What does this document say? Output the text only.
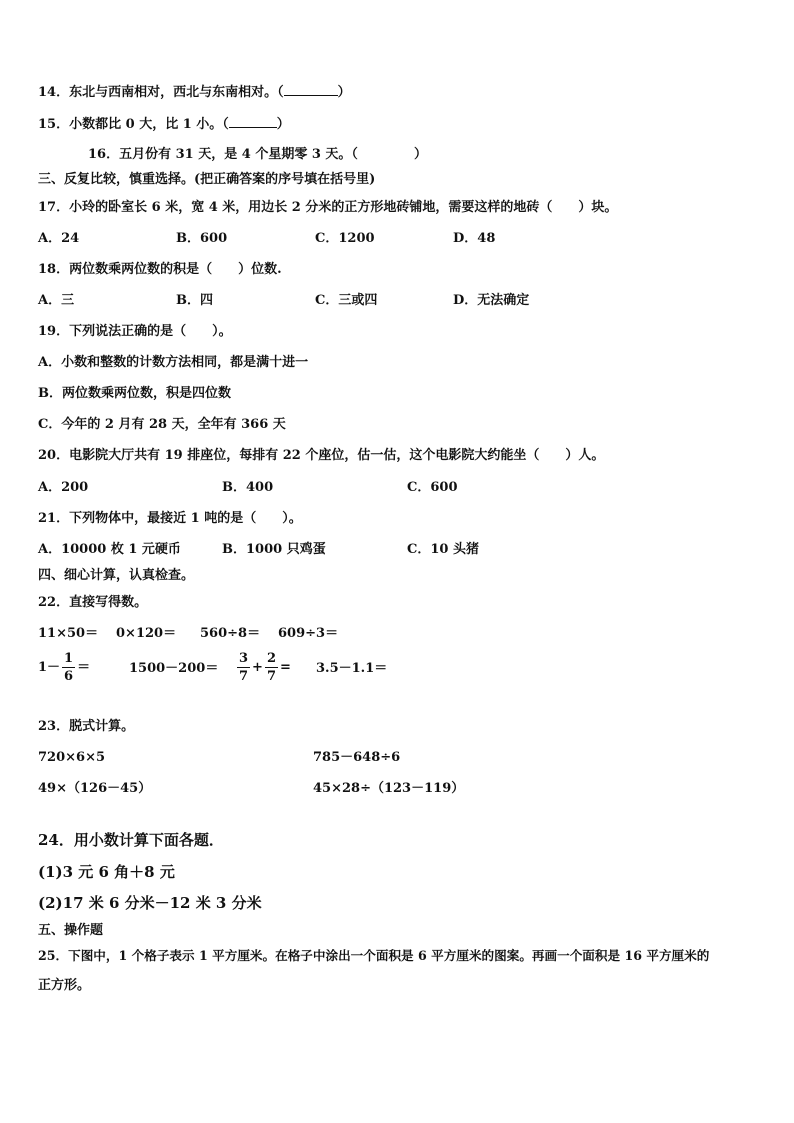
14．东北与西南相对，西北与东南相对。（	）
15．小数都比 0 大，比 1 小。（	）
16．五月份有 31 天，是 4 个星期零 3 天。（	）
三、反复比较，慎重选择。(把正确答案的序号填在括号里)
17．小玲的卧室长 6 米，宽 4 米，用边长 2 分米的正方形地砖铺地，需要这样的地砖（　　）块。
A．24	B．600	C．1200	D．48
18．两位数乘两位数的积是（　　）位数.
A．三	B．四	C．三或四	D．无法确定
19．下列说法正确的是（　　）。
A．小数和整数的计数方法相同，都是满十进一
B．两位数乘两位数，积是四位数
C．今年的 2 月有 28 天，全年有 366 天
20．电影院大厅共有 19 排座位，每排有 22 个座位，估一估，这个电影院大约能坐（　　）人。
A．200	B．400	C．600
21．下列物体中，最接近 1 吨的是（　　）。
A．10000 枚 1 元硬币	B．1000 只鸡蛋	C．10 头猪
四、细心计算，认真检查。
22．直接写得数。
11×50＝ 0×120＝ 560÷8＝ 609÷3＝
$1- \frac{1}{6}$ ＝	$1500-200= \frac{3}{7} + \frac{2}{7} = 3.5-1.1=$
23．脱式计算。
720×6×5	785－648÷6
49×（126－45）	45×28÷（123－119）
24．用小数计算下面各题．
(1)3 元 6 角＋8 元
(2)17 米 6 分米－12 米 3 分米
五、操作题
25．下图中，1 个格子表示 1 平方厘米。在格子中涂出一个面积是 6 平方厘米的图案。再画一个面积是 16 平方厘米的
正方形。
